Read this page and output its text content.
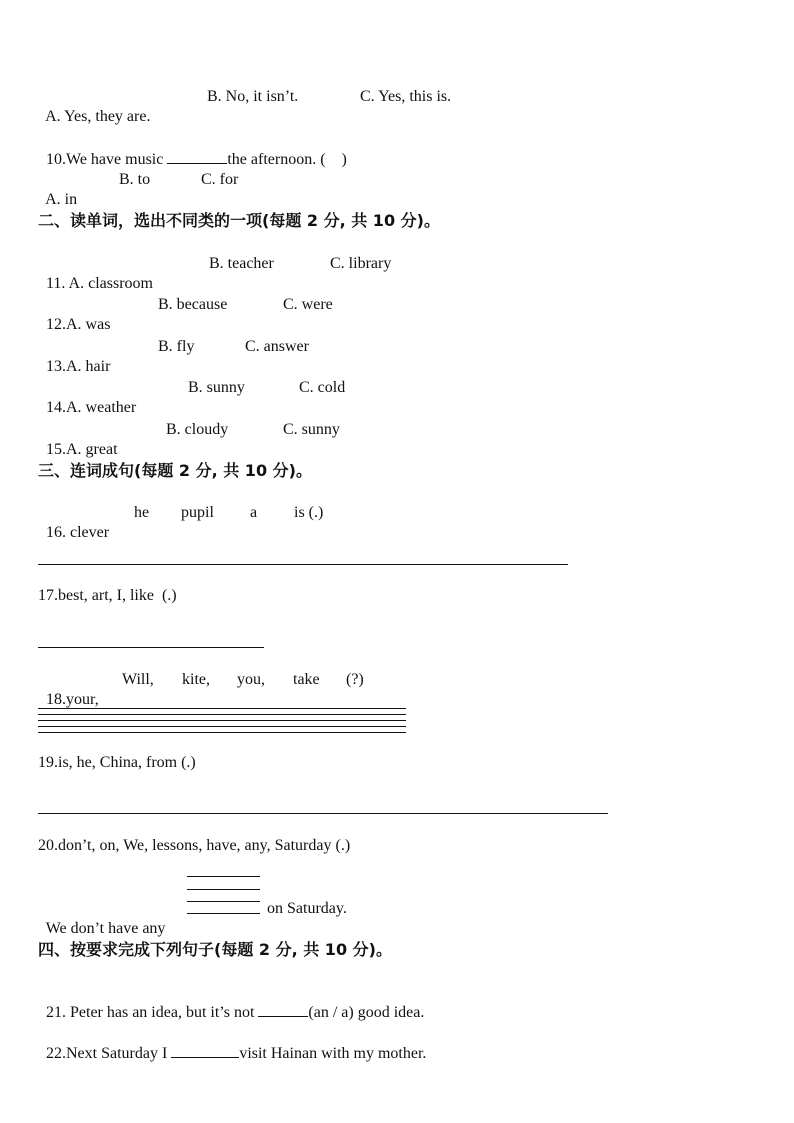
A. Yes, they are.

B. No, it isn’t.

	C. Yes, this is.

10.We have music	the afternoon. (    )

A. in

B. to

	C. for

二、读单词，选出不同类的一项(每题 2 分, 共 10 分)。

11. A. classroom

B. teacher

	C. library

12.A. was

B. because

	C. were

13.A. hair

B. fly

	C. answer

14.A. weather

B. sunny

	C. cold

15.A. great

B. cloudy

	C. sunny

三、连词成句(每题 2 分, 共 10 分)。

16. clever

he

pupil

a

is (.)

17.best, art, I, like  (.)

18.your,

Will,

kite,

you,

take

(?)

19.is, he, China, from (.)
20.don’t, on, We, lessons, have, any, Saturday (.)

We don’t have any

on Saturday.

四、按要求完成下列句子(每题 2 分, 共 10 分)。

21. Peter has an idea, but it’s not	(an / a) good idea.

22.Next Saturday I	visit Hainan with my mother.
